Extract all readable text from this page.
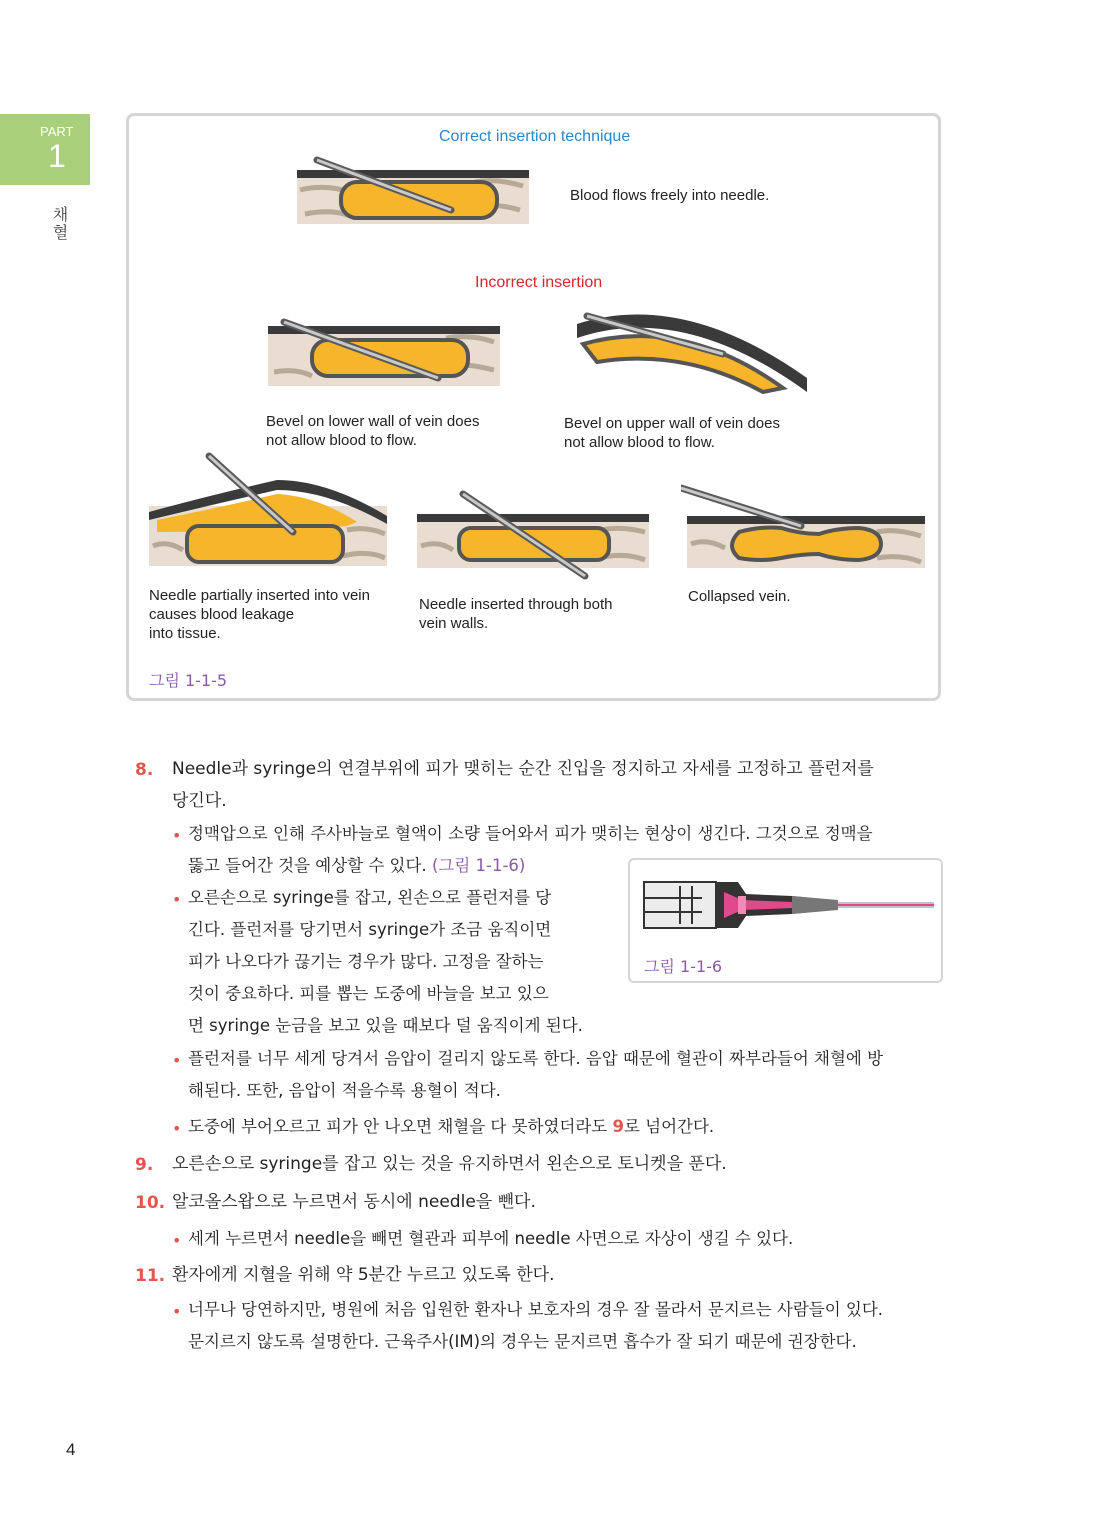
PART
1
채혈
Correct insertion technique
Blood flows freely into needle.
Incorrect insertion
Bevel on lower wall of vein does
not allow blood to flow.
Bevel on upper wall of vein does
not allow blood to flow.
Needle partially inserted into vein
causes blood leakage
into tissue.
Needle inserted through both
vein walls.
Collapsed vein.
그림 1-1-5
8. Needle과 syringe의 연결부위에 피가 맺히는 순간 진입을 정지하고 자세를 고정하고 플런저를
당긴다.
• 정맥압으로 인해 주사바늘로 혈액이 소량 들어와서 피가 맺히는 현상이 생긴다. 그것으로 정맥을
뚫고 들어간 것을 예상할 수 있다. (그림 1-1-6)
• 오른손으로 syringe를 잡고, 왼손으로 플런저를 당
긴다. 플런저를 당기면서 syringe가 조금 움직이면
피가 나오다가 끊기는 경우가 많다. 고정을 잘하는
것이 중요하다. 피를 뽑는 도중에 바늘을 보고 있으
면 syringe 눈금을 보고 있을 때보다 덜 움직이게 된다.
그림 1-1-6
• 플런저를 너무 세게 당겨서 음압이 걸리지 않도록 한다. 음압 때문에 혈관이 짜부라들어 채혈에 방
해된다. 또한, 음압이 적을수록 용혈이 적다.
• 도중에 부어오르고 피가 안 나오면 채혈을 다 못하였더라도 9로 넘어간다.
9. 오른손으로 syringe를 잡고 있는 것을 유지하면서 왼손으로 토니켓을 푼다.
10. 알코올스왑으로 누르면서 동시에 needle을 뺀다.
• 세게 누르면서 needle을 빼면 혈관과 피부에 needle 사면으로 자상이 생길 수 있다.
11. 환자에게 지혈을 위해 약 5분간 누르고 있도록 한다.
• 너무나 당연하지만, 병원에 처음 입원한 환자나 보호자의 경우 잘 몰라서 문지르는 사람들이 있다.
문지르지 않도록 설명한다. 근육주사(IM)의 경우는 문지르면 흡수가 잘 되기 때문에 권장한다.
4
